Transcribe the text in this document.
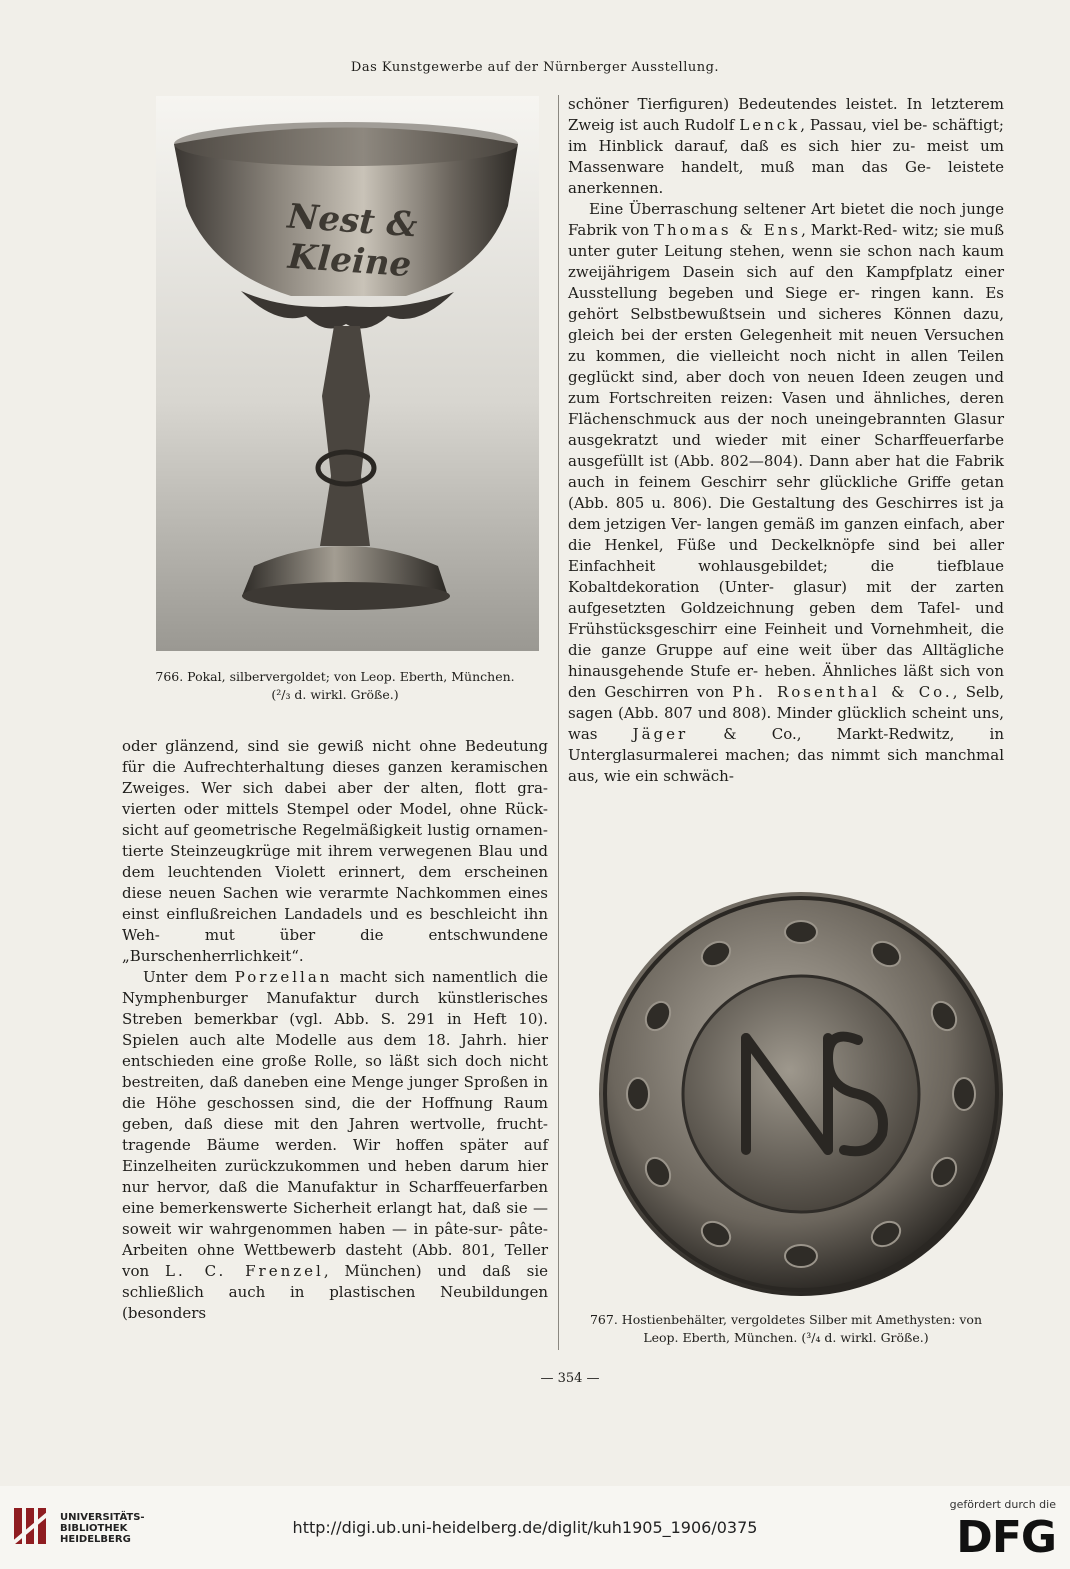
Das Kunstgewerbe auf der Nürnberger Ausstellung.
Nest & Kleine
766. Pokal, silbervergoldet; von Leop. Eberth, München.
(²/₃ d. wirkl. Größe.)

oder glänzend, sind sie gewiß nicht ohne Bedeutung für die Aufrechterhaltung dieses ganzen keramischen Zweiges. Wer sich dabei aber der alten, flott gra- vierten oder mittels Stempel oder Model, ohne Rück- sicht auf geometrische Regelmäßigkeit lustig ornamen- tierte Steinzeugkrüge mit ihrem verwegenen Blau und dem leuchtenden Violett erinnert, dem erscheinen diese neuen Sachen wie verarmte Nachkommen eines einst einflußreichen Landadels und es beschleicht ihn Weh- mut über die entschwundene „Burschenherrlichkeit“.

Unter dem Porzellan macht sich namentlich die Nymphenburger Manufaktur durch künstlerisches Streben bemerkbar (vgl. Abb. S. 291 in Heft 10). Spielen auch alte Modelle aus dem 18. Jahrh. hier entschieden eine große Rolle, so läßt sich doch nicht bestreiten, daß daneben eine Menge junger Sproßen in die Höhe geschossen sind, die der Hoffnung Raum geben, daß diese mit den Jahren wertvolle, frucht- tragende Bäume werden. Wir hoffen später auf Einzelheiten zurückzukommen und heben darum hier nur hervor, daß die Manufaktur in Scharffeuerfarben eine bemerkenswerte Sicherheit erlangt hat, daß sie — soweit wir wahrgenommen haben — in pâte-sur- pâte-Arbeiten ohne Wettbewerb dasteht (Abb. 801, Teller von L. C. Frenzel, München) und daß sie schließlich auch in plastischen Neubildungen (besonders

schöner Tierfiguren) Bedeutendes leistet. In letzterem Zweig ist auch Rudolf Lenck, Passau, viel be- schäftigt; im Hinblick darauf, daß es sich hier zu- meist um Massenware handelt, muß man das Ge- leistete anerkennen.

Eine Überraschung seltener Art bietet die noch junge Fabrik von Thomas & Ens, Markt-Red- witz; sie muß unter guter Leitung stehen, wenn sie schon nach kaum zweijährigem Dasein sich auf den Kampfplatz einer Ausstellung begeben und Siege er- ringen kann. Es gehört Selbstbewußtsein und sicheres Können dazu, gleich bei der ersten Gelegenheit mit neuen Versuchen zu kommen, die vielleicht noch nicht in allen Teilen geglückt sind, aber doch von neuen Ideen zeugen und zum Fortschreiten reizen: Vasen und ähnliches, deren Flächenschmuck aus der noch uneingebrannten Glasur ausgekratzt und wieder mit einer Scharffeuerfarbe ausgefüllt ist (Abb. 802—804). Dann aber hat die Fabrik auch in feinem Geschirr sehr glückliche Griffe getan (Abb. 805 u. 806). Die Gestaltung des Geschirres ist ja dem jetzigen Ver- langen gemäß im ganzen einfach, aber die Henkel, Füße und Deckelknöpfe sind bei aller Einfachheit wohlausgebildet; die tiefblaue Kobaltdekoration (Unter- glasur) mit der zarten aufgesetzten Goldzeichnung geben dem Tafel- und Frühstücksgeschirr eine Feinheit und Vornehmheit, die die ganze Gruppe auf eine weit über das Alltägliche hinausgehende Stufe er- heben. Ähnliches läßt sich von den Geschirren von Ph. Rosenthal & Co., Selb, sagen (Abb. 807 und 808). Minder glücklich scheint uns, was Jäger & Co., Markt-Redwitz, in Unterglasurmalerei machen; das nimmt sich manchmal aus, wie ein schwäch-

767. Hostienbehälter, vergoldetes Silber mit Amethysten: von
Leop. Eberth, München. (³/₄ d. wirkl. Größe.)
— 354 —
UNIVERSITÄTS-
BIBLIOTHEK
HEIDELBERG
http://digi.ub.uni-heidelberg.de/diglit/kuh1905_1906/0375
gefördert durch die
DFG
